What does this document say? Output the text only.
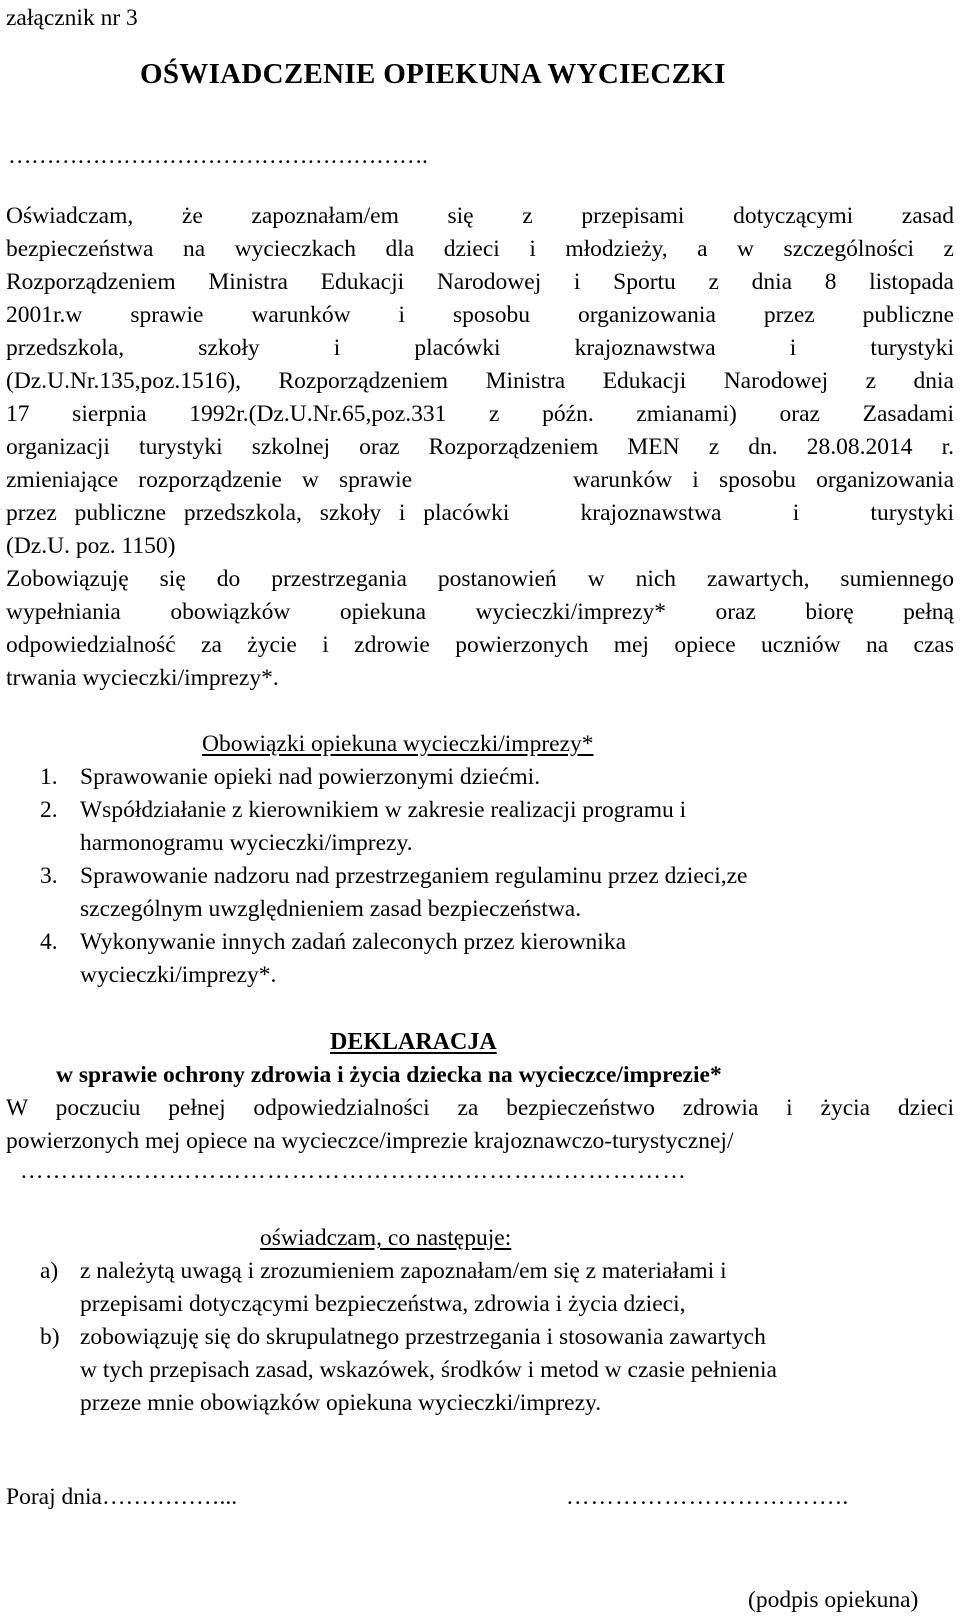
załącznik nr 3
OŚWIADCZENIE OPIEKUNA WYCIECZKI
……………………………………………….
Oświadczam, że zapoznałam/em się z przepisami dotyczącymi zasad
bezpieczeństwa na wycieczkach dla dzieci i młodzieży, a w szczególności z
Rozporządzeniem Ministra Edukacji Narodowej i Sportu z dnia 8 listopada
2001r.w sprawie warunków i sposobu organizowania przez publiczne
przedszkola, szkoły i placówki krajoznawstwa i turystyki
(Dz.U.Nr.135,poz.1516), Rozporządzeniem Ministra Edukacji Narodowej z dnia
17 sierpnia 1992r.(Dz.U.Nr.65,poz.331 z późn. zmianami) oraz Zasadami
organizacji turystyki szkolnej oraz Rozporządzeniem MEN z dn. 28.08.2014 r.
zmieniające rozporządzenie w sprawie        warunków i sposobu organizowania
przez publiczne przedszkola, szkoły i placówki    krajoznawstwa    i    turystyki
(Dz.U. poz. 1150)
Zobowiązuję się do przestrzegania postanowień w nich zawartych, sumiennego
wypełniania obowiązków opiekuna wycieczki/imprezy* oraz biorę pełną
odpowiedzialność za życie i zdrowie powierzonych mej opiece uczniów na czas
trwania wycieczki/imprezy*.
Obowiązki opiekuna wycieczki/imprezy*
1. Sprawowanie opieki nad powierzonymi dziećmi.
2. Współdziałanie z kierownikiem w zakresie realizacji programu i
harmonogramu wycieczki/imprezy.
3. Sprawowanie nadzoru nad przestrzeganiem regulaminu przez dzieci,ze
szczególnym uwzględnieniem zasad bezpieczeństwa.
4. Wykonywanie innych zadań zaleconych przez kierownika
wycieczki/imprezy*.
DEKLARACJA
w sprawie ochrony zdrowia i życia dziecka na wycieczce/imprezie*
W poczuciu pełnej odpowiedzialności za bezpieczeństwo zdrowia i życia dzieci
powierzonych mej opiece na wycieczce/imprezie krajoznawczo-turystycznej/
………………………………………………………………………
oświadczam, co następuje:
a) z należytą uwagą i zrozumieniem zapoznałam/em się z materiałami i
przepisami dotyczącymi bezpieczeństwa, zdrowia i życia dzieci,
b) zobowiązuję się do skrupulatnego przestrzegania i stosowania zawartych
w tych przepisach zasad, wskazówek, środków i metod w czasie pełnienia
przeze mnie obowiązków opiekuna wycieczki/imprezy.
Poraj dnia……………...	……………………………..
(podpis opiekuna)
